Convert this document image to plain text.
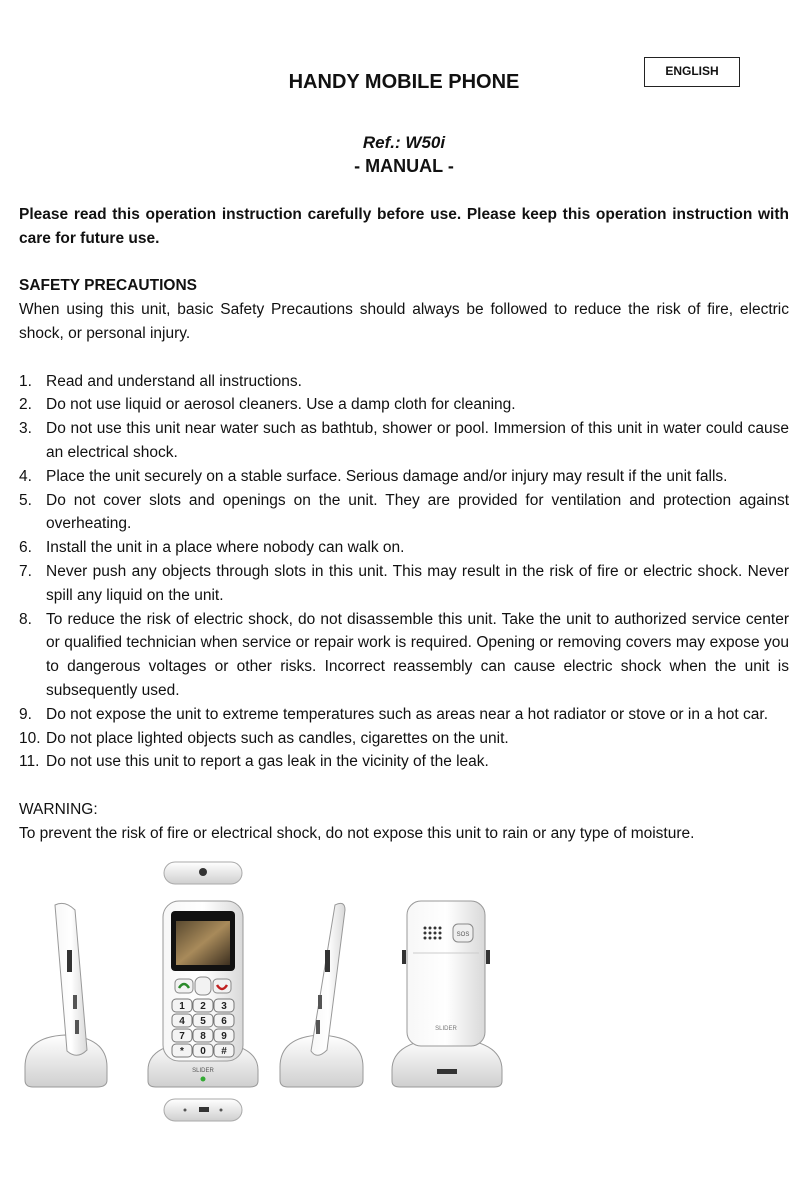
ENGLISH
HANDY MOBILE PHONE
Ref.: W50i
- MANUAL -

Please read this operation instruction carefully before use. Please keep this operation instruction with care for future use.

SAFETY PRECAUTIONS

When using this unit, basic Safety Precautions should always be followed to reduce the risk of fire, electric shock, or personal injury.

1. Read and understand all instructions.
2. Do not use liquid or aerosol cleaners. Use a damp cloth for cleaning.
3. Do not use this unit near water such as bathtub, shower or pool. Immersion of this unit in water could cause an electrical shock.
4. Place the unit securely on a stable surface. Serious damage and/or injury may result if the unit falls.
5. Do not cover slots and openings on the unit. They are provided for ventilation and protection against overheating.
6. Install the unit in a place where nobody can walk on.
7. Never push any objects through slots in this unit. This may result in the risk of fire or electric shock. Never spill any liquid on the unit.
8. To reduce the risk of electric shock, do not disassemble this unit. Take the unit to authorized service center or qualified technician when service or repair work is required. Opening or removing covers may expose you to dangerous voltages or other risks. Incorrect reassembly can cause electric shock when the unit is subsequently used.
9. Do not expose the unit to extreme temperatures such as areas near a hot radiator or stove or in a hot car.
10. Do not place lighted objects such as candles, cigarettes on the unit.
11. Do not use this unit to report a gas leak in the vicinity of the leak.

WARNING:

To prevent the risk of fire or electrical shock, do not expose this unit to rain or any type of moisture.

1 2 3
4 5 6
7 8 9
* 0 #
SLIDER
SOS
SLIDER
